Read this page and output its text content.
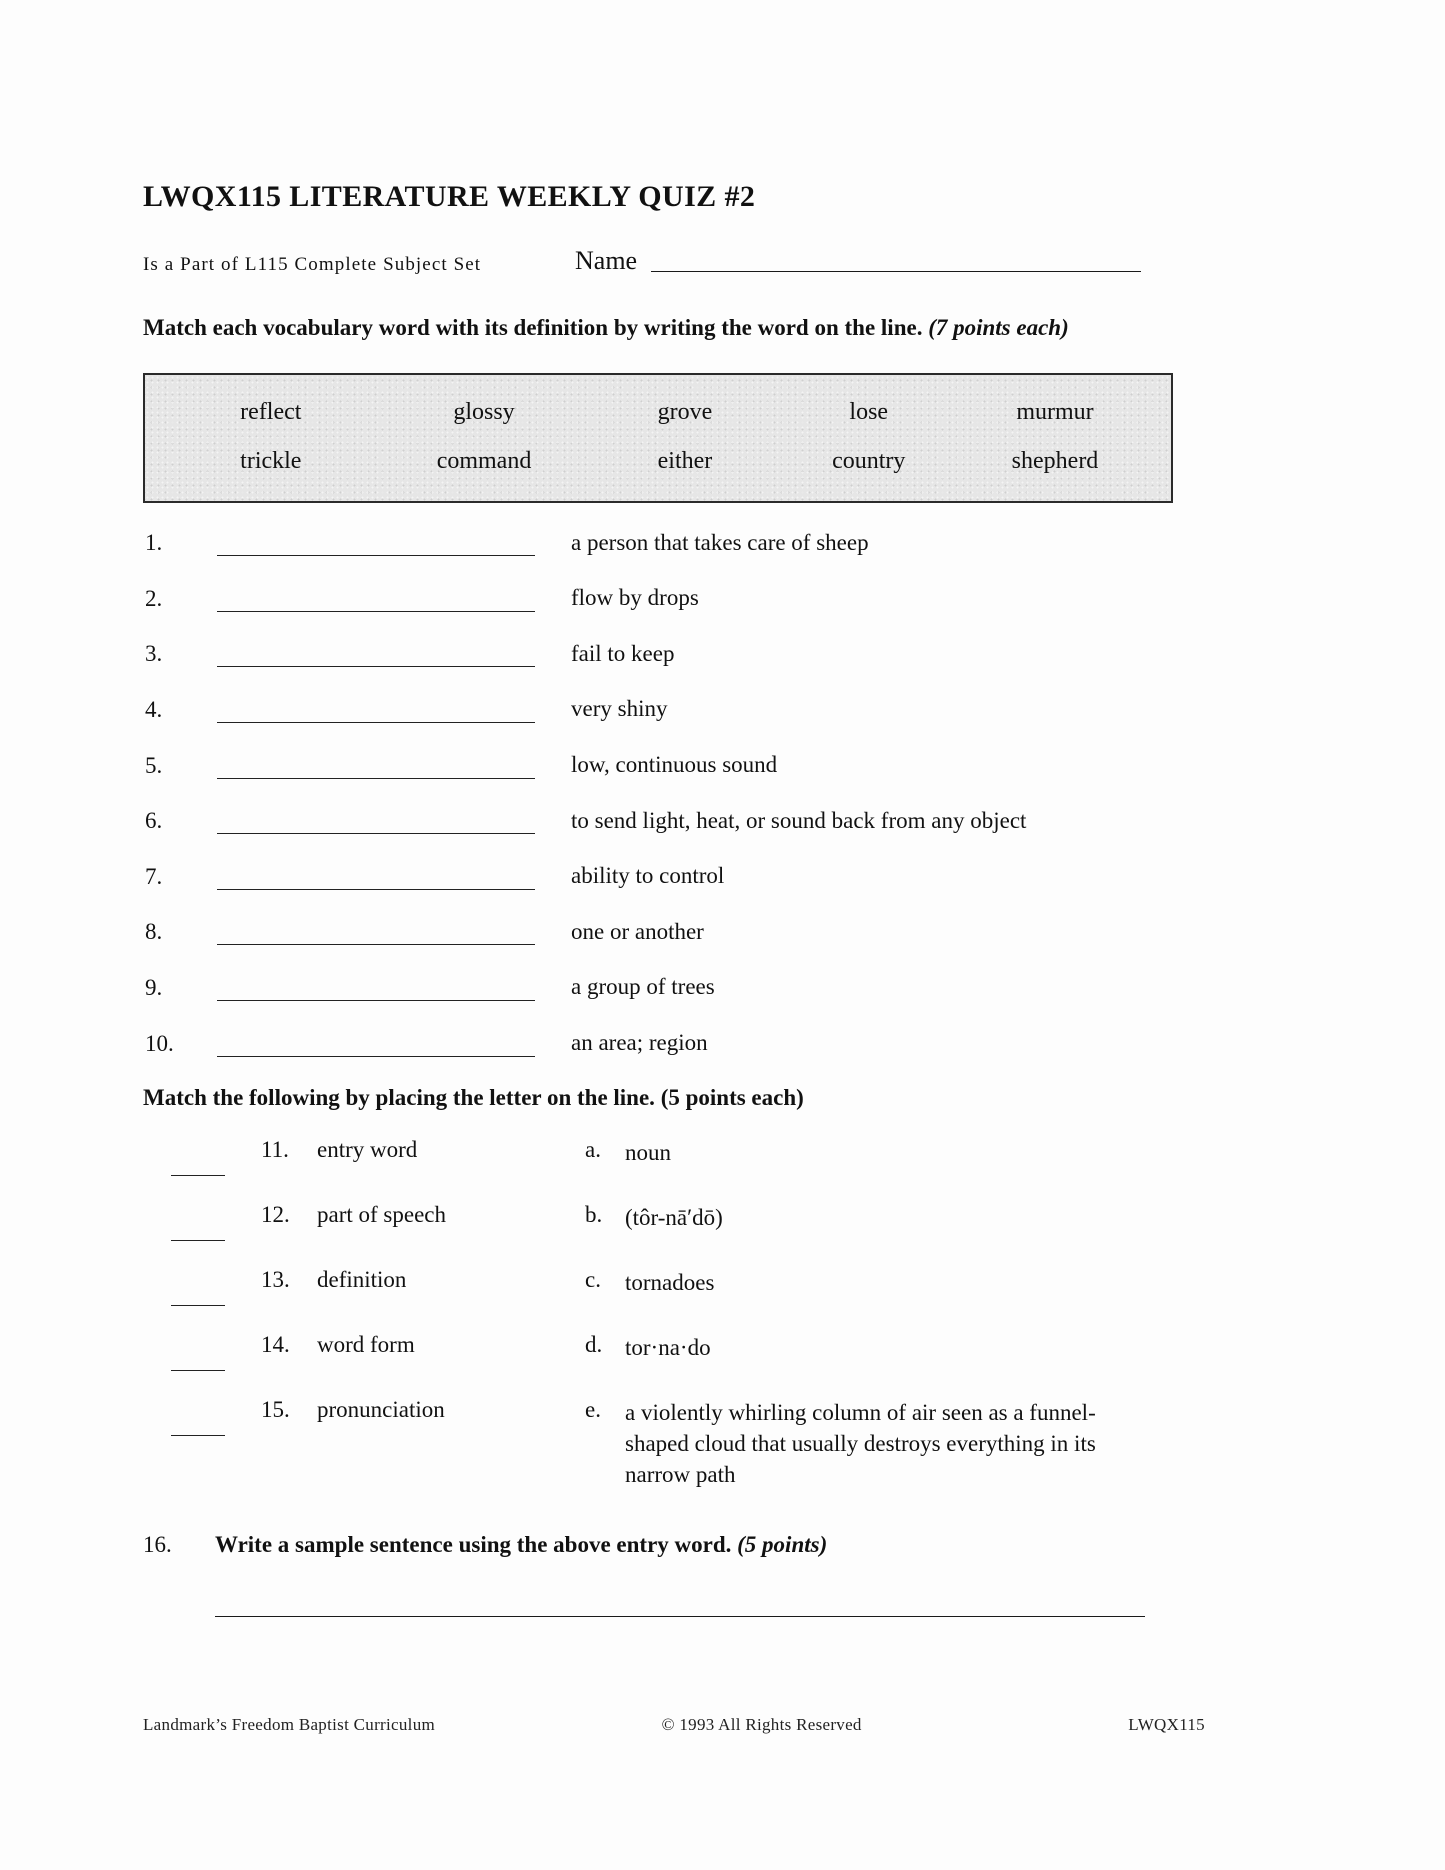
LWQX115 LITERATURE WEEKLY QUIZ #2
Is a Part of L115 Complete Subject Set	Name
Match each vocabulary word with its definition by writing the word on the line. (7 points each)
reflect	glossy	grove	lose	murmur
trickle	command	either	country	shepherd
1.	a person that takes care of sheep
2.	flow by drops
3.	fail to keep
4.	very shiny
5.	low, continuous sound
6.	to send light, heat, or sound back from any object
7.	ability to control
8.	one or another
9.	a group of trees
10.	an area; region
Match the following by placing the letter on the line. (5 points each)
11.	entry word	a.	noun
12.	part of speech	b. (tôr-nāʹdō)
13.	definition	c.	tornadoes
14.	word form	d. tor·na·do
15.	pronunciation	e.	a violently whirling column of air seen as a funnel-shaped cloud that usually destroys everything in its narrow path
16.	Write a sample sentence using the above entry word. (5 points)
Landmark’s Freedom Baptist Curriculum	© 1993 All Rights Reserved	LWQX115
